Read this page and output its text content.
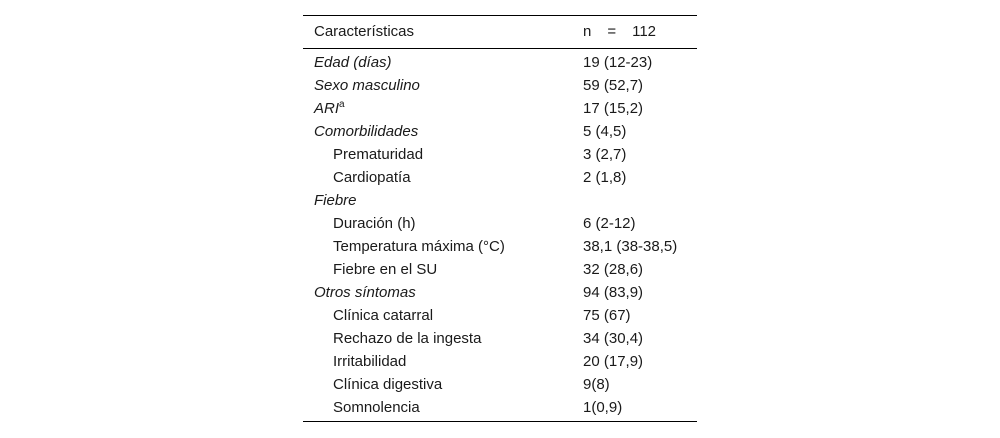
Características	n = 112
Edad (días)	19 (12-23)
Sexo masculino	59 (52,7)
ARI$^a$	17 (15,2)
Comorbilidades	5 (4,5)
Prematuridad	3 (2,7)
Cardiopatía	2 (1,8)
Fiebre	
Duración (h)	6 (2-12)
Temperatura máxima (°C)	38,1 (38-38,5)
Fiebre en el SU	32 (28,6)
Otros síntomas	94 (83,9)
Clínica catarral	75 (67)
Rechazo de la ingesta	34 (30,4)
Irritabilidad	20 (17,9)
Clínica digestiva	9(8)
Somnolencia	1(0,9)
